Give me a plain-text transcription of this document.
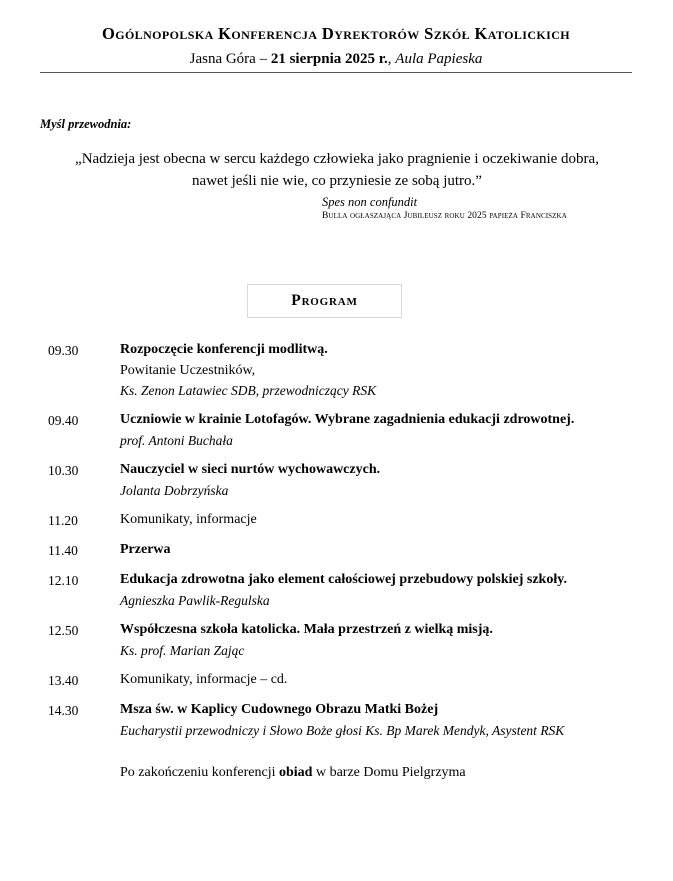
Ogólnopolska Konferencja Dyrektorów Szkół Katolickich
Jasna Góra – 21 sierpnia 2025 r., Aula Papieska
Myśl przewodnia:
„Nadzieja jest obecna w sercu każdego człowieka jako pragnienie i oczekiwanie dobra, nawet jeśli nie wie, co przyniesie ze sobą jutro.”
Spes non confundit
Bulla ogłaszająca Jubileusz roku 2025 papieża Franciszka
Program
09.30	Rozpoczęcie konferencji modlitwą.
Powitanie Uczestników,
Ks. Zenon Latawiec SDB, przewodniczący RSK
09.40	Uczniowie w krainie Lotofagów. Wybrane zagadnienia edukacji zdrowotnej.
prof. Antoni Buchała
10.30	Nauczyciel w sieci nurtów wychowawczych.
Jolanta Dobrzyńska
11.20	Komunikaty, informacje
11.40	Przerwa
12.10	Edukacja zdrowotna jako element całościowej przebudowy polskiej szkoły.
Agnieszka Pawlik-Regulska
12.50	Współczesna szkoła katolicka. Mała przestrzeń z wielką misją.
Ks. prof. Marian Zając
13.40	Komunikaty, informacje – cd.
14.30	Msza św. w Kaplicy Cudownego Obrazu Matki Bożej
Eucharystii przewodniczy i Słowo Boże głosi Ks. Bp Marek Mendyk, Asystent RSK
Po zakończeniu konferencji obiad w barze Domu Pielgrzyma
